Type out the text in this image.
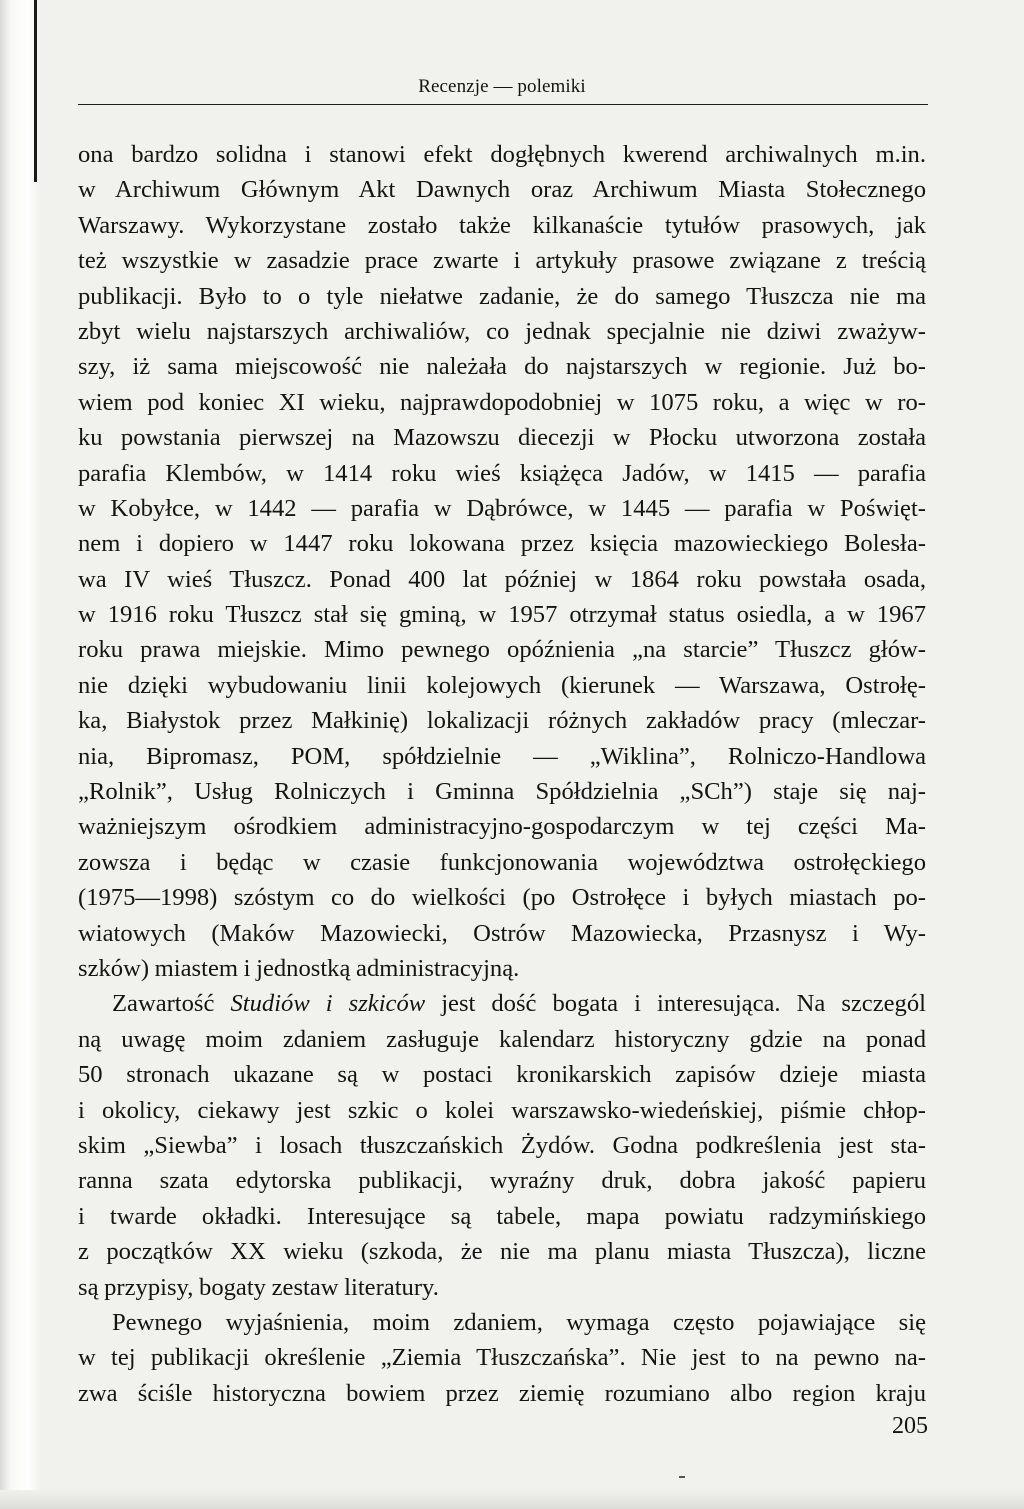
Recenzje — polemiki
ona bardzo solidna i stanowi efekt dogłębnych kwerend archiwalnych m.in.
w Archiwum Głównym Akt Dawnych oraz Archiwum Miasta Stołecznego
Warszawy. Wykorzystane zostało także kilkanaście tytułów prasowych, jak
też wszystkie w zasadzie prace zwarte i artykuły prasowe związane z treścią
publikacji. Było to o tyle niełatwe zadanie, że do samego Tłuszcza nie ma
zbyt wielu najstarszych archiwaliów, co jednak specjalnie nie dziwi zważyw-
szy, iż sama miejscowość nie należała do najstarszych w regionie. Już bo-
wiem pod koniec XI wieku, najprawdopodobniej w 1075 roku, a więc w ro-
ku powstania pierwszej na Mazowszu diecezji w Płocku utworzona została
parafia Klembów, w 1414 roku wieś książęca Jadów, w 1415 — parafia
w Kobyłce, w 1442 — parafia w Dąbrówce, w 1445 — parafia w Poświęt-
nem i dopiero w 1447 roku lokowana przez księcia mazowieckiego Bolesła-
wa IV wieś Tłuszcz. Ponad 400 lat później w 1864 roku powstała osada,
w 1916 roku Tłuszcz stał się gminą, w 1957 otrzymał status osiedla, a w 1967
roku prawa miejskie. Mimo pewnego opóźnienia „na starcie” Tłuszcz głów-
nie dzięki wybudowaniu linii kolejowych (kierunek — Warszawa, Ostrołę-
ka, Białystok przez Małkinię) lokalizacji różnych zakładów pracy (mleczar-
nia, Bipromasz, POM, spółdzielnie — „Wiklina”, Rolniczo-Handlowa
„Rolnik”, Usług Rolniczych i Gminna Spółdzielnia „SCh”) staje się naj-
ważniejszym ośrodkiem administracyjno-gospodarczym w tej części Ma-
zowsza i będąc w czasie funkcjonowania województwa ostrołęckiego
(1975—1998) szóstym co do wielkości (po Ostrołęce i byłych miastach po-
wiatowych (Maków Mazowiecki, Ostrów Mazowiecka, Przasnysz i Wy-
szków) miastem i jednostką administracyjną.
Zawartość Studiów i szkiców jest dość bogata i interesująca. Na szczegól
ną uwagę moim zdaniem zasługuje kalendarz historyczny gdzie na ponad
50 stronach ukazane są w postaci kronikarskich zapisów dzieje miasta
i okolicy, ciekawy jest szkic o kolei warszawsko-wiedeńskiej, piśmie chłop-
skim „Siewba” i losach tłuszczańskich Żydów. Godna podkreślenia jest sta-
ranna szata edytorska publikacji, wyraźny druk, dobra jakość papieru
i twarde okładki. Interesujące są tabele, mapa powiatu radzymińskiego
z początków XX wieku (szkoda, że nie ma planu miasta Tłuszcza), liczne
są przypisy, bogaty zestaw literatury.
Pewnego wyjaśnienia, moim zdaniem, wymaga często pojawiające się
w tej publikacji określenie „Ziemia Tłuszczańska”. Nie jest to na pewno na-
zwa ściśle historyczna bowiem przez ziemię rozumiano albo region kraju
205
